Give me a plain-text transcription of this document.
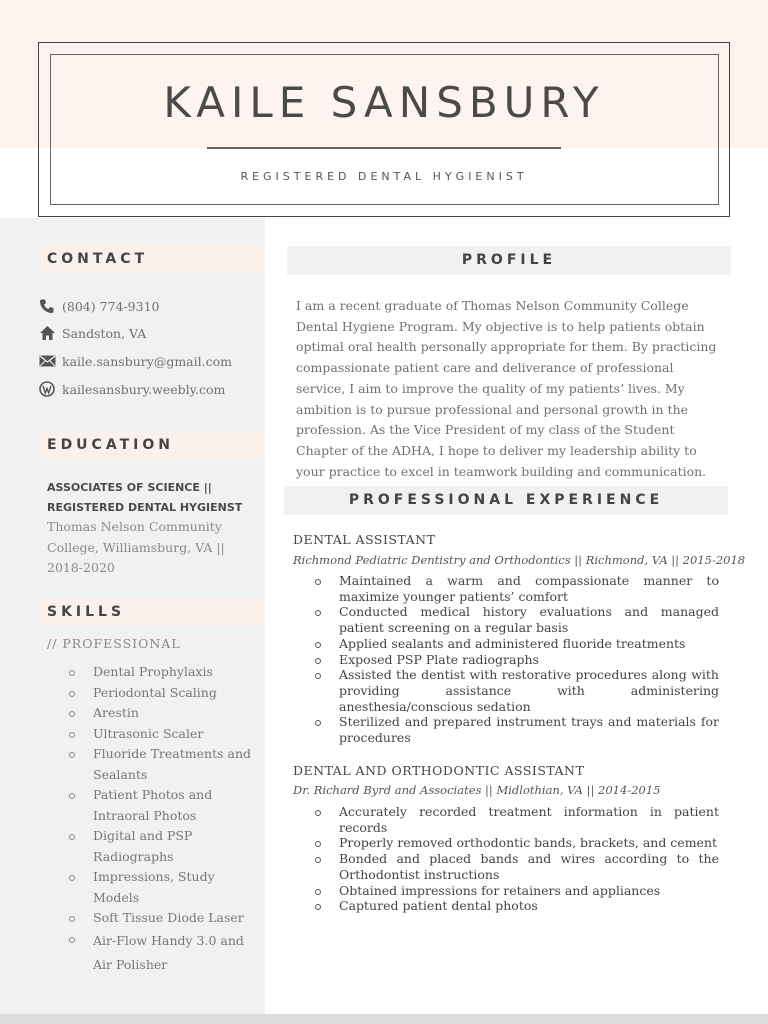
KAILE SANSBURY
REGISTERED DENTAL HYGIENIST
CONTACT
(804) 774-9310
Sandston, VA
kaile.sansbury@gmail.com
kailesansbury.weebly.com
EDUCATION
ASSOCIATES OF SCIENCE ||
REGISTERED DENTAL HYGIENST
Thomas Nelson Community College, Williamsburg, VA || 2018-2020
SKILLS
// PROFESSIONAL
Dental Prophylaxis
Periodontal Scaling
Arestin
Ultrasonic Scaler
Fluoride Treatments and Sealants
Patient Photos and Intraoral Photos
Digital and PSP Radiographs
Impressions, Study Models
Soft Tissue Diode Laser
Air-Flow Handy 3.0 and Air Polisher
PROFILE
I am a recent graduate of Thomas Nelson Community College Dental Hygiene Program. My objective is to help patients obtain optimal oral health personally appropriate for them. By practicing compassionate patient care and deliverance of professional service, I aim to improve the quality of my patients’ lives. My ambition is to pursue professional and personal growth in the profession. As the Vice President of my class of the Student Chapter of the ADHA, I hope to deliver my leadership ability to your practice to excel in teamwork building and communication.
PROFESSIONAL EXPERIENCE
DENTAL ASSISTANT
Richmond Pediatric Dentistry and Orthodontics || Richmond, VA || 2015-2018
Maintained a warm and compassionate manner to maximize younger patients’ comfort
Conducted medical history evaluations and managed patient screening on a regular basis
Applied sealants and administered fluoride treatments
Exposed PSP Plate radiographs
Assisted the dentist with restorative procedures along with providing assistance with administering anesthesia/conscious sedation
Sterilized and prepared instrument trays and materials for procedures
DENTAL AND ORTHODONTIC ASSISTANT
Dr. Richard Byrd and Associates || Midlothian, VA || 2014-2015
Accurately recorded treatment information in patient records
Properly removed orthodontic bands, brackets, and cement
Bonded and placed bands and wires according to the Orthodontist instructions
Obtained impressions for retainers and appliances
Captured patient dental photos
